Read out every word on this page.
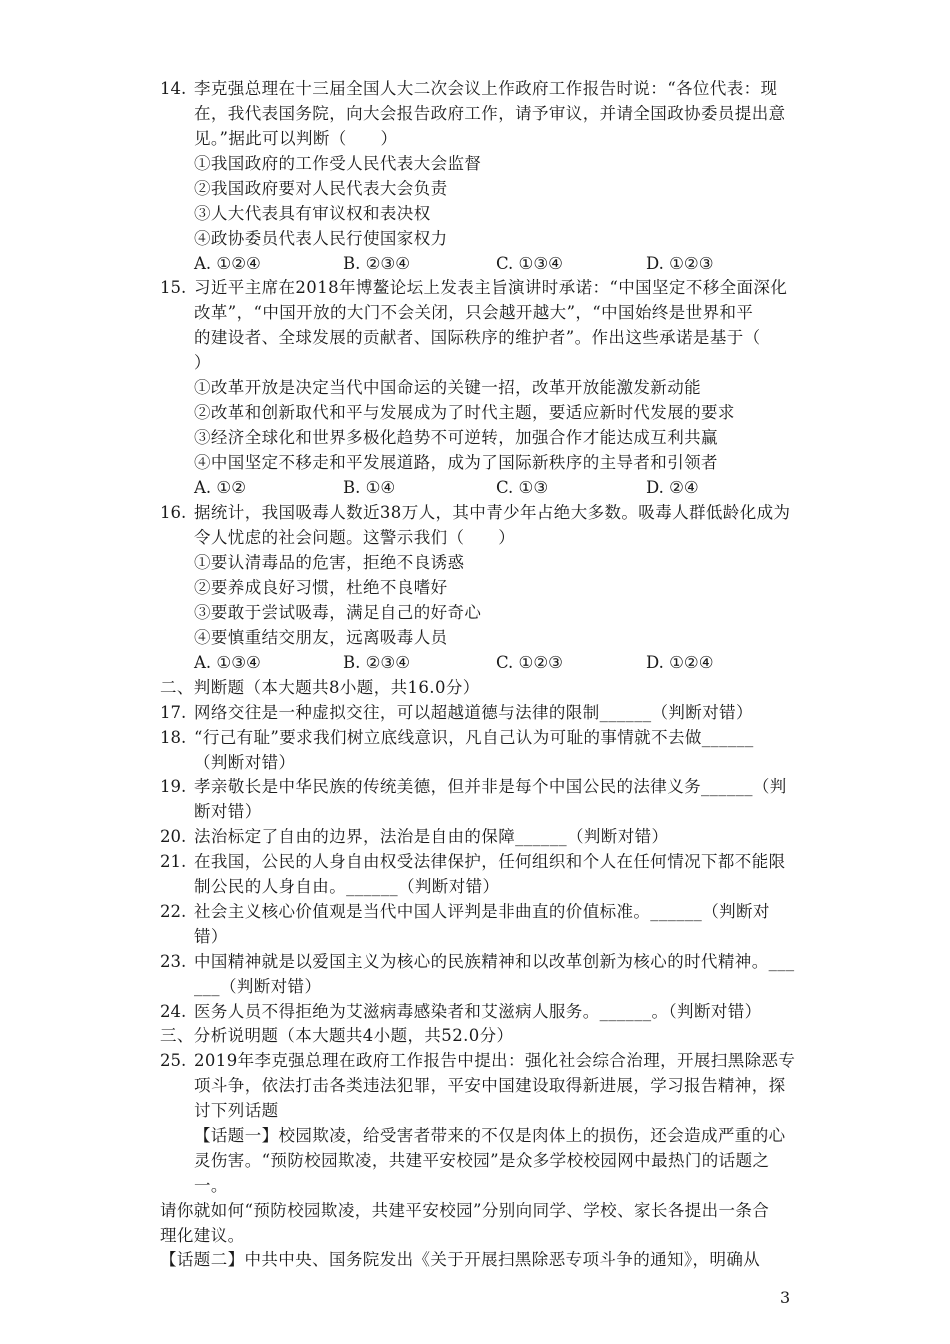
14. 李克强总理在十三届全国人大二次会议上作政府工作报告时说：“各位代表：现
在，我代表国务院，向大会报告政府工作，请予审议，并请全国政协委员提出意
见。”据此可以判断（　　）
①我国政府的工作受人民代表大会监督
②我国政府要对人民代表大会负责
③人大代表具有审议权和表决权
④政协委员代表人民行使国家权力
A. ①②④	B. ②③④	C. ①③④	D. ①②③
15. 习近平主席在2018年博鳌论坛上发表主旨演讲时承诺：“中国坚定不移全面深化
改革”，“中国开放的大门不会关闭，只会越开越大”，“中国始终是世界和平
的建设者、全球发展的贡献者、国际秩序的维护者”。作出这些承诺是基于（
）
①改革开放是决定当代中国命运的关键一招，改革开放能激发新动能
②改革和创新取代和平与发展成为了时代主题，要适应新时代发展的要求
③经济全球化和世界多极化趋势不可逆转，加强合作才能达成互利共赢
④中国坚定不移走和平发展道路，成为了国际新秩序的主导者和引领者
A. ①②	B. ①④	C. ①③	D. ②④
16. 据统计，我国吸毒人数近38万人，其中青少年占绝大多数。吸毒人群低龄化成为
令人忧虑的社会问题。这警示我们（　　）
①要认清毒品的危害，拒绝不良诱惑
②要养成良好习惯，杜绝不良嗜好
③要敢于尝试吸毒，满足自己的好奇心
④要慎重结交朋友，远离吸毒人员
A. ①③④	B. ②③④	C. ①②③	D. ①②④
二、判断题（本大题共8小题，共16.0分）
17. 网络交往是一种虚拟交往，可以超越道德与法律的限制______（判断对错）
18. “行己有耻”要求我们树立底线意识，凡自己认为可耻的事情就不去做______
（判断对错）
19. 孝亲敬长是中华民族的传统美德，但并非是每个中国公民的法律义务______（判
断对错）
20. 法治标定了自由的边界，法治是自由的保障______（判断对错）
21. 在我国，公民的人身自由权受法律保护，任何组织和个人在任何情况下都不能限
制公民的人身自由。______（判断对错）
22. 社会主义核心价值观是当代中国人评判是非曲直的价值标准。______（判断对
错）
23. 中国精神就是以爱国主义为核心的民族精神和以改革创新为核心的时代精神。___
___（判断对错）
24. 医务人员不得拒绝为艾滋病毒感染者和艾滋病人服务。______。（判断对错）
三、分析说明题（本大题共4小题，共52.0分）
25. 2019年李克强总理在政府工作报告中提出：强化社会综合治理，开展扫黑除恶专
项斗争，依法打击各类违法犯罪，平安中国建设取得新进展，学习报告精神，探
讨下列话题
【话题一】校园欺凌，给受害者带来的不仅是肉体上的损伤，还会造成严重的心
灵伤害。“预防校园欺凌，共建平安校园”是众多学校校园网中最热门的话题之
一。
请你就如何“预防校园欺凌，共建平安校园”分别向同学、学校、家长各提出一条合
理化建议。
【话题二】中共中央、国务院发出《关于开展扫黑除恶专项斗争的通知》，明确从
3
